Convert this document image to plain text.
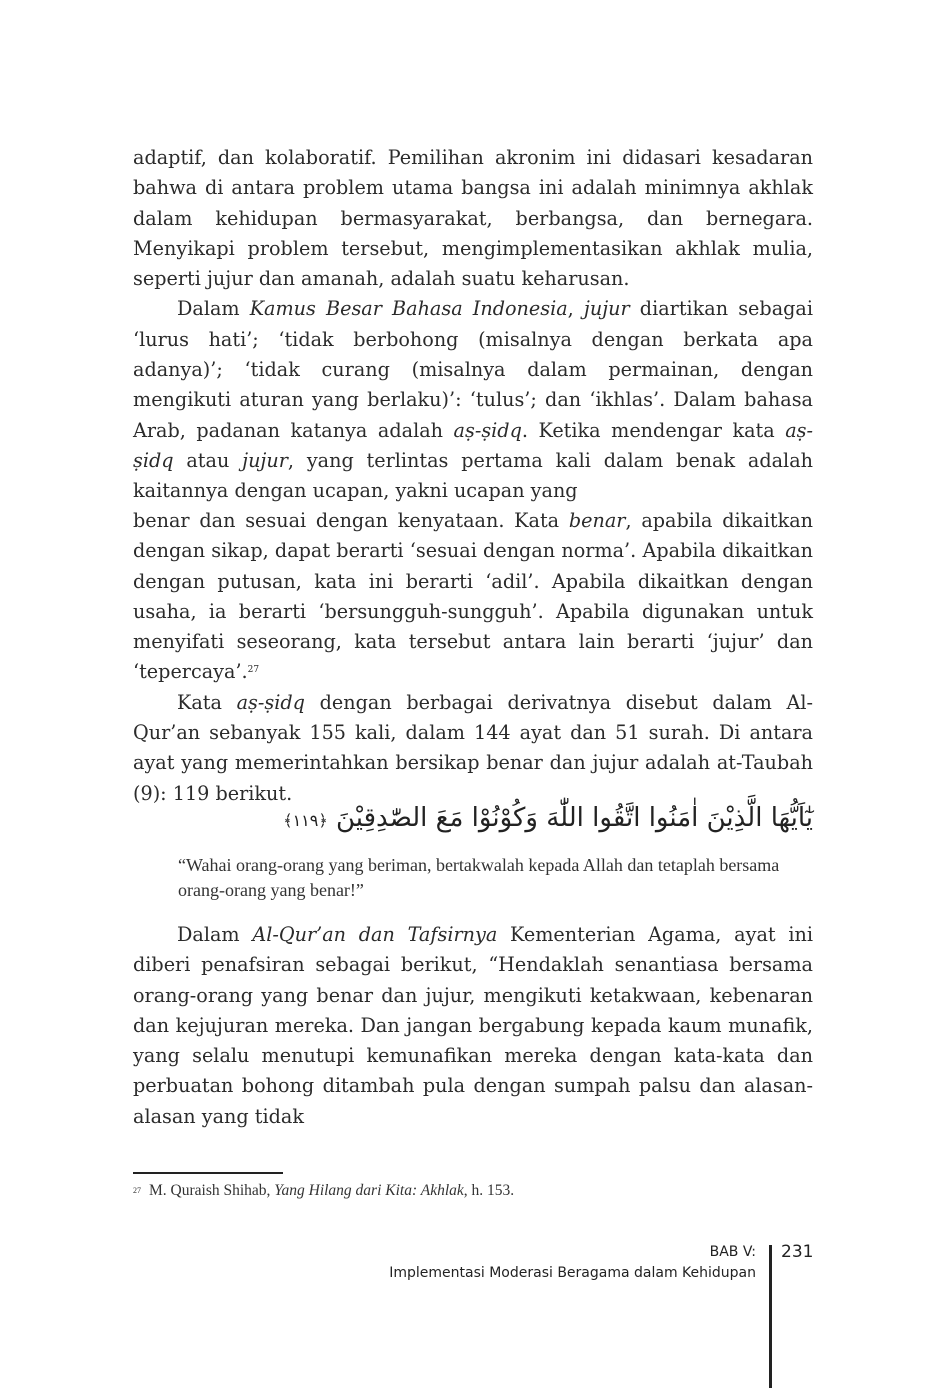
adaptif, dan kolaboratif. Pemilihan akronim ini didasari kesadaran bahwa di antara problem utama bangsa ini adalah minimnya akhlak dalam kehidupan bermasyarakat, berbangsa, dan bernegara. Menyikapi problem tersebut, mengimplementasikan akhlak mulia, seperti jujur dan amanah, adalah suatu keharusan.

Dalam Kamus Besar Bahasa Indonesia, jujur diartikan sebagai ‘lurus hati’; ‘tidak berbohong (misalnya dengan berkata apa adanya)’; ‘tidak curang (misalnya dalam permainan, dengan mengikuti aturan yang berlaku)’: ‘tulus’; dan ‘ikhlas’. Dalam bahasa Arab, padanan katanya adalah aṣ-ṣidq. Ketika mendengar kata aṣ-ṣidq atau jujur, yang terlintas pertama kali dalam benak adalah kaitannya dengan ucapan, yakni ucapan yang

benar dan sesuai dengan kenyataan. Kata benar, apabila dikaitkan dengan sikap, dapat berarti ‘sesuai dengan norma’. Apabila dikaitkan dengan putusan, kata ini berarti ‘adil’. Apabila dikaitkan dengan usaha, ia berarti ‘bersungguh-sungguh’. Apabila digunakan untuk menyifati seseorang, kata tersebut antara lain berarti ‘jujur’ dan ‘tepercaya’.$^{27}$

Kata aṣ-ṣidq dengan berbagai derivatnya disebut dalam Al-Qur’an sebanyak 155 kali, dalam 144 ayat dan 51 surah. Di antara ayat yang memerintahkan bersikap benar dan jujur adalah at-Taubah (9): 119 berikut.

يٰٓاَيُّهَا الَّذِيْنَ اٰمَنُوا اتَّقُوا اللّٰهَ وَكُوْنُوْا مَعَ الصّٰدِقِيْنَ ﴿١١٩﴾
“Wahai orang-orang yang beriman, bertakwalah kepada Allah dan tetaplah bersama orang-orang yang benar!”

Dalam Al-Qur’an dan Tafsirnya Kementerian Agama, ayat ini diberi penafsiran sebagai berikut, “Hendaklah senantiasa bersama orang-orang yang benar dan jujur, mengikuti ketakwaan, kebenaran dan kejujuran mereka. Dan jangan bergabung kepada kaum munafik, yang selalu menutupi kemunafikan mereka dengan kata-kata dan perbuatan bohong ditambah pula dengan sumpah palsu dan alasan-alasan yang tidak

$^{27}$ M. Quraish Shihab, Yang Hilang dari Kita: Akhlak, h. 153.
BAB V:
Implementasi Moderasi Beragama dalam Kehidupan
231
